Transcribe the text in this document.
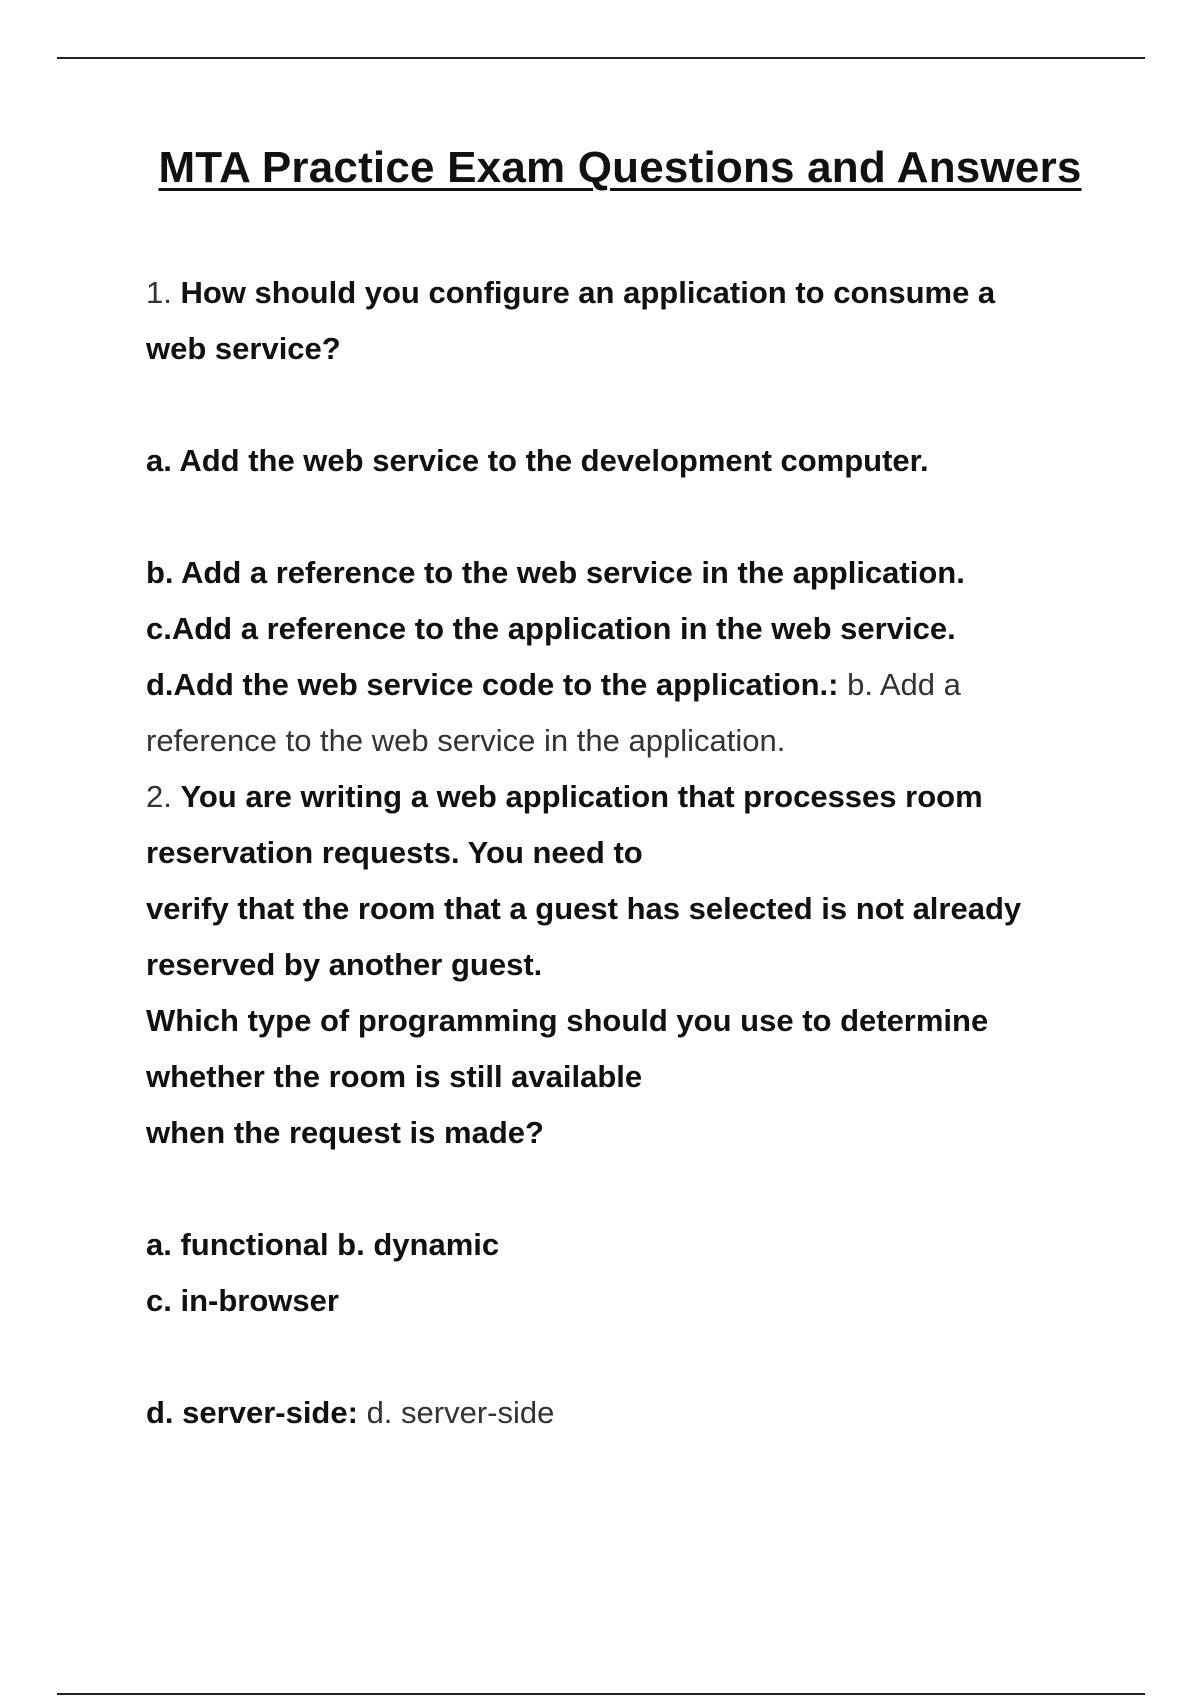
MTA Practice Exam Questions and Answers
1. How should you configure an application to consume a
web service?
a. Add the web service to the development computer.
b. Add a reference to the web service in the application.
c.Add a reference to the application in the web service.
d.Add the web service code to the application.: b. Add a
reference to the web service in the application.
2. You are writing a web application that processes room
reservation requests. You need to
verify that the room that a guest has selected is not already
reserved by another guest.
Which type of programming should you use to determine
whether the room is still available
when the request is made?
a. functional b. dynamic
c. in-browser
d. server-side: d. server-side
